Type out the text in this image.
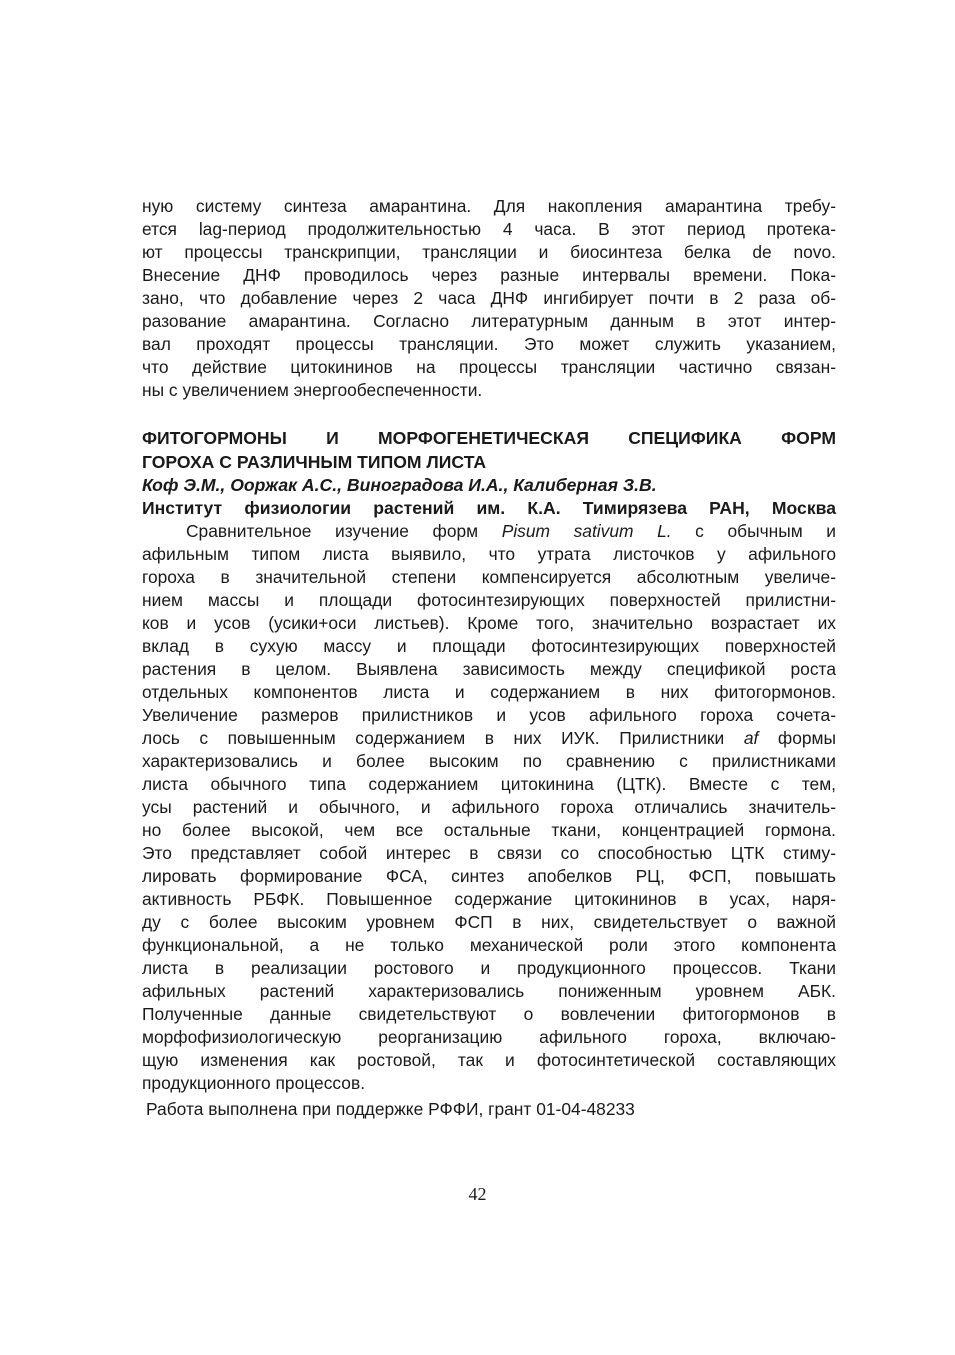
ную систему синтеза амарантина. Для накопления амарантина требу-
ется lag-период продолжительностью 4 часа. В этот период протека-
ют процессы транскрипции, трансляции и биосинтеза белка de novo.
Внесение ДНФ проводилось через разные интервалы времени. Пока-
зано, что добавление через 2 часа ДНФ ингибирует почти в 2 раза об-
разование амарантина. Согласно литературным данным в этот интер-
вал проходят процессы трансляции. Это может служить указанием,
что действие цитокининов на процессы трансляции частично связан-
ны с увеличением энергообеспеченности.
ФИТОГОРМОНЫ И МОРФОГЕНЕТИЧЕСКАЯ СПЕЦИФИКА ФОРМ
ГОРОХА С РАЗЛИЧНЫМ ТИПОМ ЛИСТА
Коф Э.М., Ооржак А.С., Виноградова И.А., Калиберная З.В.
Институт физиологии растений им. К.А. Тимирязева РАН, Москва
Сравнительное изучение форм Pisum sativum L. с обычным и
афильным типом листа выявило, что утрата листочков у афильного
гороха в значительной степени компенсируется абсолютным увеличе-
нием массы и площади фотосинтезирующих поверхностей прилистни-
ков и усов (усики+оси листьев). Кроме того, значительно возрастает их
вклад в сухую массу и площади фотосинтезирующих поверхностей
растения в целом. Выявлена зависимость между спецификой роста
отдельных компонентов листа и содержанием в них фитогормонов.
Увеличение размеров прилистников и усов афильного гороха сочета-
лось с повышенным содержанием в них ИУК. Прилистники af формы
характеризовались и более высоким по сравнению с прилистниками
листа обычного типа содержанием цитокинина (ЦТК). Вместе с тем,
усы растений и обычного, и афильного гороха отличались значитель-
но более высокой, чем все остальные ткани, концентрацией гормона.
Это представляет собой интерес в связи со способностью ЦТК стиму-
лировать формирование ФСА, синтез апобелков РЦ, ФСП, повышать
активность РБФК. Повышенное содержание цитокининов в усах, наря-
ду с более высоким уровнем ФСП в них, свидетельствует о важной
функциональной, а не только механической роли этого компонента
листа в реализации ростового и продукционного процессов. Ткани
афильных растений характеризовались пониженным уровнем АБК.
Полученные данные свидетельствуют о вовлечении фитогормонов в
морфофизиологическую реорганизацию афильного гороха, включаю-
щую изменения как ростовой, так и фотосинтетической составляющих
продукционного процессов.
Работа выполнена при поддержке РФФИ, грант 01-04-48233
42
